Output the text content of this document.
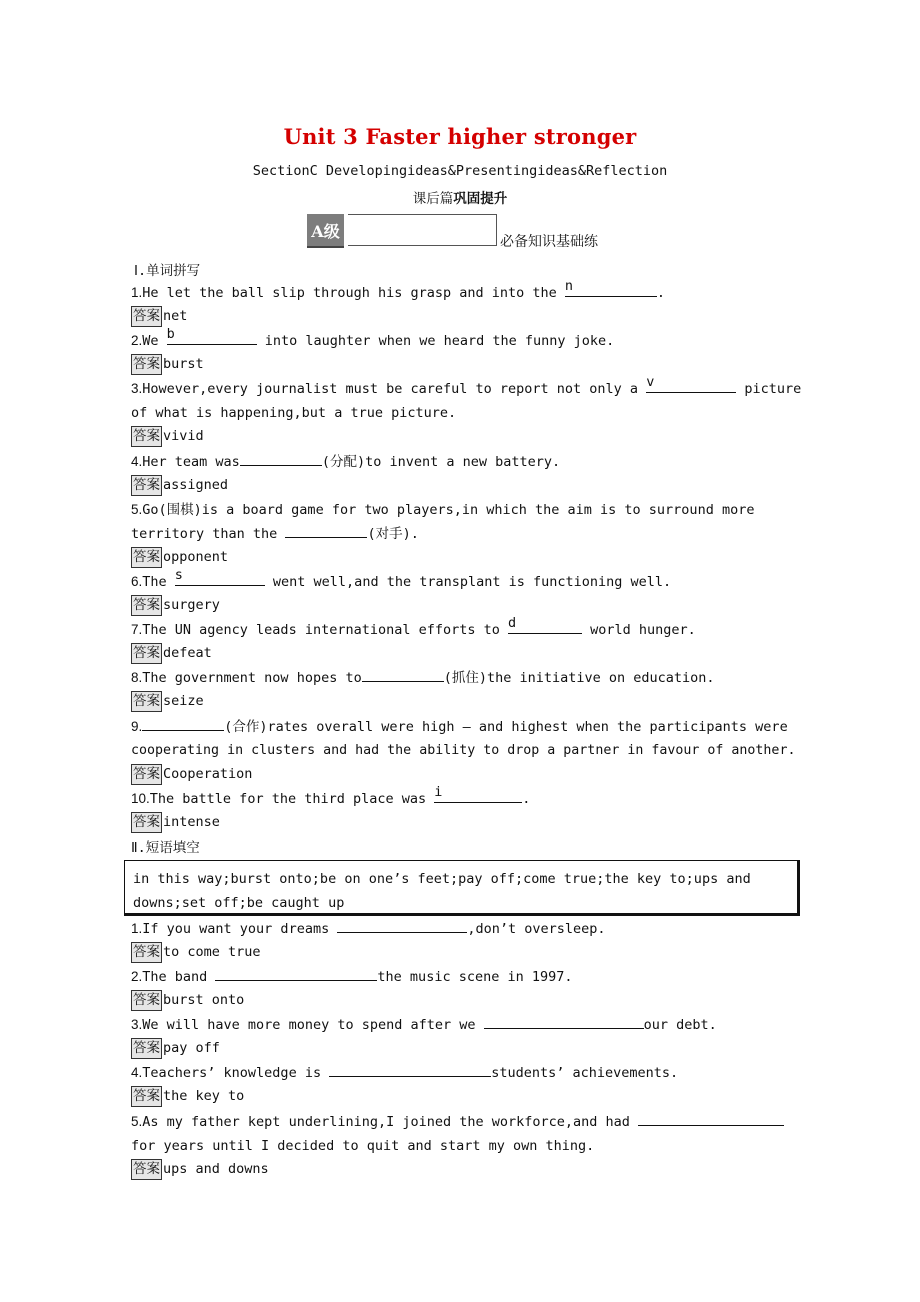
Unit 3 Faster higher stronger
SectionC Developingideas&Presentingideas&Reflection
课后篇巩固提升
A级
必备知识基础练
Ⅰ.单词拼写
1.He let the ball slip through his grasp and into the n	.
答案 net
2.We b	into laughter when we heard the funny joke.
答案 burst
3.However,every journalist must be careful to report not only a v	picture
of what is happening,but a true picture.
答案 vivid
4.Her team was	(分配)to invent a new battery.
答案 assigned
5.Go(围棋)is a board game for two players,in which the aim is to surround more
territory than the	(对手).
答案 opponent
6.The s	went well,and the transplant is functioning well.
答案 surgery
7.The UN agency leads international efforts to d	world hunger.
答案 defeat
8.The government now hopes to	(抓住)the initiative on education.
答案 seize
9.	(合作)rates overall were high — and highest when the participants were
cooperating in clusters and had the ability to drop a partner in favour of another.
答案 Cooperation
10.The battle for the third place was i	.
答案 intense
Ⅱ.短语填空
in this way;burst onto;be on one’s feet;pay off;come true;the key to;ups and downs;set off;be caught up
1.If you want your dreams	,don’t oversleep.
答案 to come true
2.The band	the music scene in 1997.
答案 burst onto
3.We will have more money to spend after we	our debt.
答案 pay off
4.Teachers’ knowledge is	students’ achievements.
答案 the key to
5.As my father kept underlining,I joined the workforce,and had
for years until I decided to quit and start my own thing.
答案 ups and downs
